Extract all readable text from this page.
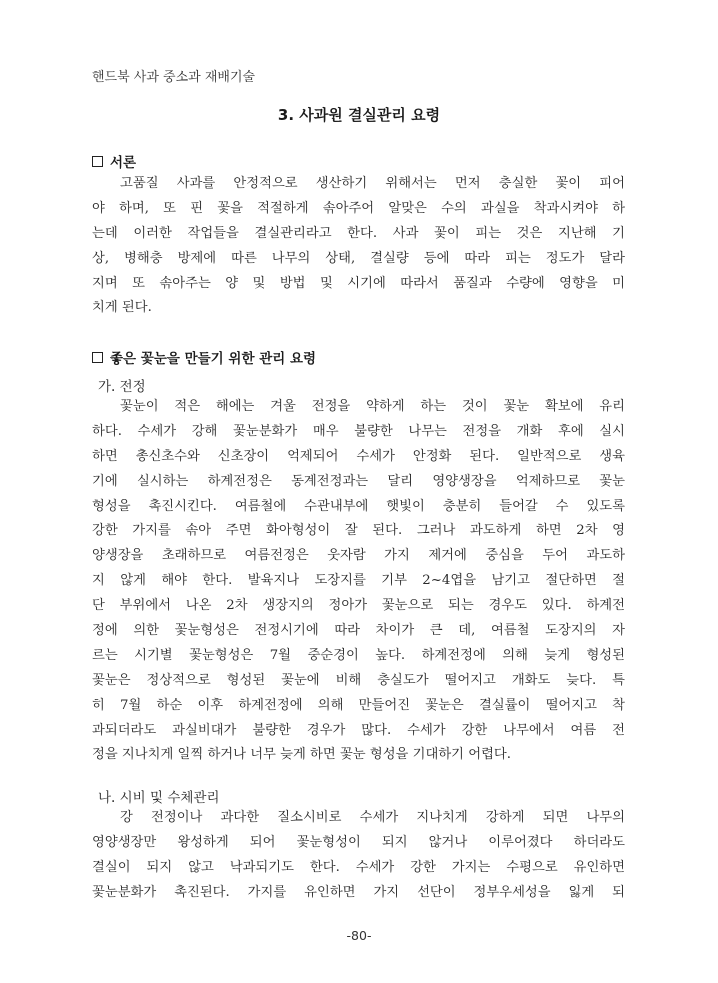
핸드북 사과 중소과 재배기술
3. 사과원 결실관리 요령
서론
고품질 사과를 안정적으로 생산하기 위해서는 먼저 충실한 꽃이 피어
야 하며, 또 핀 꽃을 적절하게 솎아주어 알맞은 수의 과실을 착과시켜야 하
는데 이러한 작업들을 결실관리라고 한다. 사과 꽃이 피는 것은 지난해 기
상, 병해충 방제에 따른 나무의 상태, 결실량 등에 따라 피는 정도가 달라
지며 또 솎아주는 양 및 방법 및 시기에 따라서 품질과 수량에 영향을 미
치게 된다.
좋은 꽃눈을 만들기 위한 관리 요령
가. 전정
꽃눈이 적은 해에는 겨울 전정을 약하게 하는 것이 꽃눈 확보에 유리
하다. 수세가 강해 꽃눈분화가 매우 불량한 나무는 전정을 개화 후에 실시
하면 총신초수와 신초장이 억제되어 수세가 안정화 된다. 일반적으로 생육
기에 실시하는 하계전정은 동계전정과는 달리 영양생장을 억제하므로 꽃눈
형성을 촉진시킨다. 여름철에 수관내부에 햇빛이 충분히 들어갈 수 있도록
강한 가지를 솎아 주면 화아형성이 잘 된다. 그러나 과도하게 하면 2차 영
양생장을 초래하므로 여름전정은 웃자람 가지 제거에 중심을 두어 과도하
지 않게 해야 한다. 발육지나 도장지를 기부 2~4엽을 남기고 절단하면 절
단 부위에서 나온 2차 생장지의 정아가 꽃눈으로 되는 경우도 있다. 하계전
정에 의한 꽃눈형성은 전정시기에 따라 차이가 큰 데, 여름철 도장지의 자
르는 시기별 꽃눈형성은 7월 중순경이 높다. 하계전정에 의해 늦게 형성된
꽃눈은 정상적으로 형성된 꽃눈에 비해 충실도가 떨어지고 개화도 늦다. 특
히 7월 하순 이후 하계전정에 의해 만들어진 꽃눈은 결실률이 떨어지고 착
과되더라도 과실비대가 불량한 경우가 많다. 수세가 강한 나무에서 여름 전
정을 지나치게 일찍 하거나 너무 늦게 하면 꽃눈 형성을 기대하기 어렵다.
나. 시비 및 수체관리
강 전정이나 과다한 질소시비로 수세가 지나치게 강하게 되면 나무의
영양생장만 왕성하게 되어 꽃눈형성이 되지 않거나 이루어졌다 하더라도
결실이 되지 않고 낙과되기도 한다. 수세가 강한 가지는 수평으로 유인하면
꽃눈분화가 촉진된다. 가지를 유인하면 가지 선단이 정부우세성을 잃게 되
-80-
